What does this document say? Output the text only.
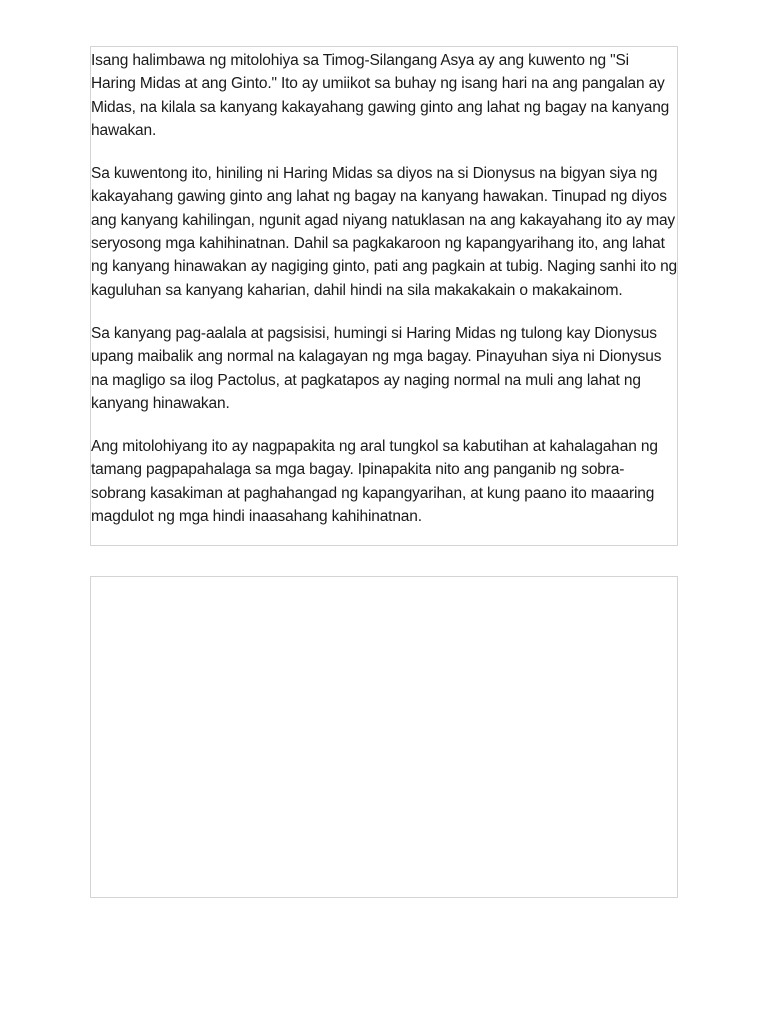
Isang halimbawa ng mitolohiya sa Timog-Silangang Asya ay ang kuwento ng "Si Haring Midas at ang Ginto." Ito ay umiikot sa buhay ng isang hari na ang pangalan ay Midas, na kilala sa kanyang kakayahang gawing ginto ang lahat ng bagay na kanyang hawakan.

Sa kuwentong ito, hiniling ni Haring Midas sa diyos na si Dionysus na bigyan siya ng kakayahang gawing ginto ang lahat ng bagay na kanyang hawakan. Tinupad ng diyos ang kanyang kahilingan, ngunit agad niyang natuklasan na ang kakayahang ito ay may seryosong mga kahihinatnan. Dahil sa pagkakaroon ng kapangyarihang ito, ang lahat ng kanyang hinawakan ay nagiging ginto, pati ang pagkain at tubig. Naging sanhi ito ng kaguluhan sa kanyang kaharian, dahil hindi na sila makakakain o makakainom.

Sa kanyang pag-aalala at pagsisisi, humingi si Haring Midas ng tulong kay Dionysus upang maibalik ang normal na kalagayan ng mga bagay. Pinayuhan siya ni Dionysus na magligo sa ilog Pactolus, at pagkatapos ay naging normal na muli ang lahat ng kanyang hinawakan.

Ang mitolohiyang ito ay nagpapakita ng aral tungkol sa kabutihan at kahalagahan ng tamang pagpapahalaga sa mga bagay. Ipinapakita nito ang panganib ng sobra-sobrang kasakiman at paghahangad ng kapangyarihan, at kung paano ito maaaring magdulot ng mga hindi inaasahang kahihinatnan.
